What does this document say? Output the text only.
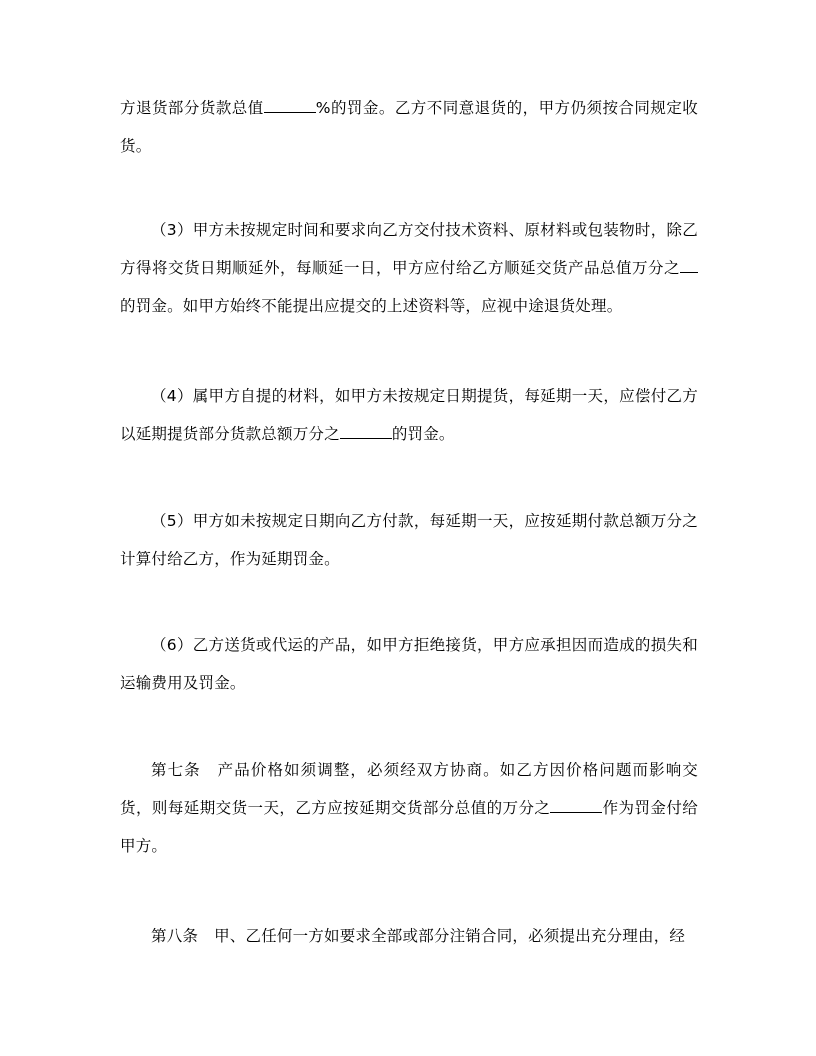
方退货部分货款总值	%的罚金。乙方不同意退货的，甲方仍须按合同规定收货。

（3）甲方未按规定时间和要求向乙方交付技术资料、原材料或包装物时，除乙方得将交货日期顺延外，每顺延一日，甲方应付给乙方顺延交货产品总值万分之的罚金。如甲方始终不能提出应提交的上述资料等，应视中途退货处理。

（4）属甲方自提的材料，如甲方未按规定日期提货，每延期一天，应偿付乙方以延期提货部分货款总额万分之	的罚金。

（5）甲方如未按规定日期向乙方付款，每延期一天，应按延期付款总额万分之计算付给乙方，作为延期罚金。

（6）乙方送货或代运的产品，如甲方拒绝接货，甲方应承担因而造成的损失和运输费用及罚金。

第七条 产品价格如须调整，必须经双方协商。如乙方因价格问题而影响交货，则每延期交货一天，乙方应按延期交货部分总值的万分之	作为罚金付给甲方。

第八条 甲、乙任何一方如要求全部或部分注销合同，必须提出充分理由，经
